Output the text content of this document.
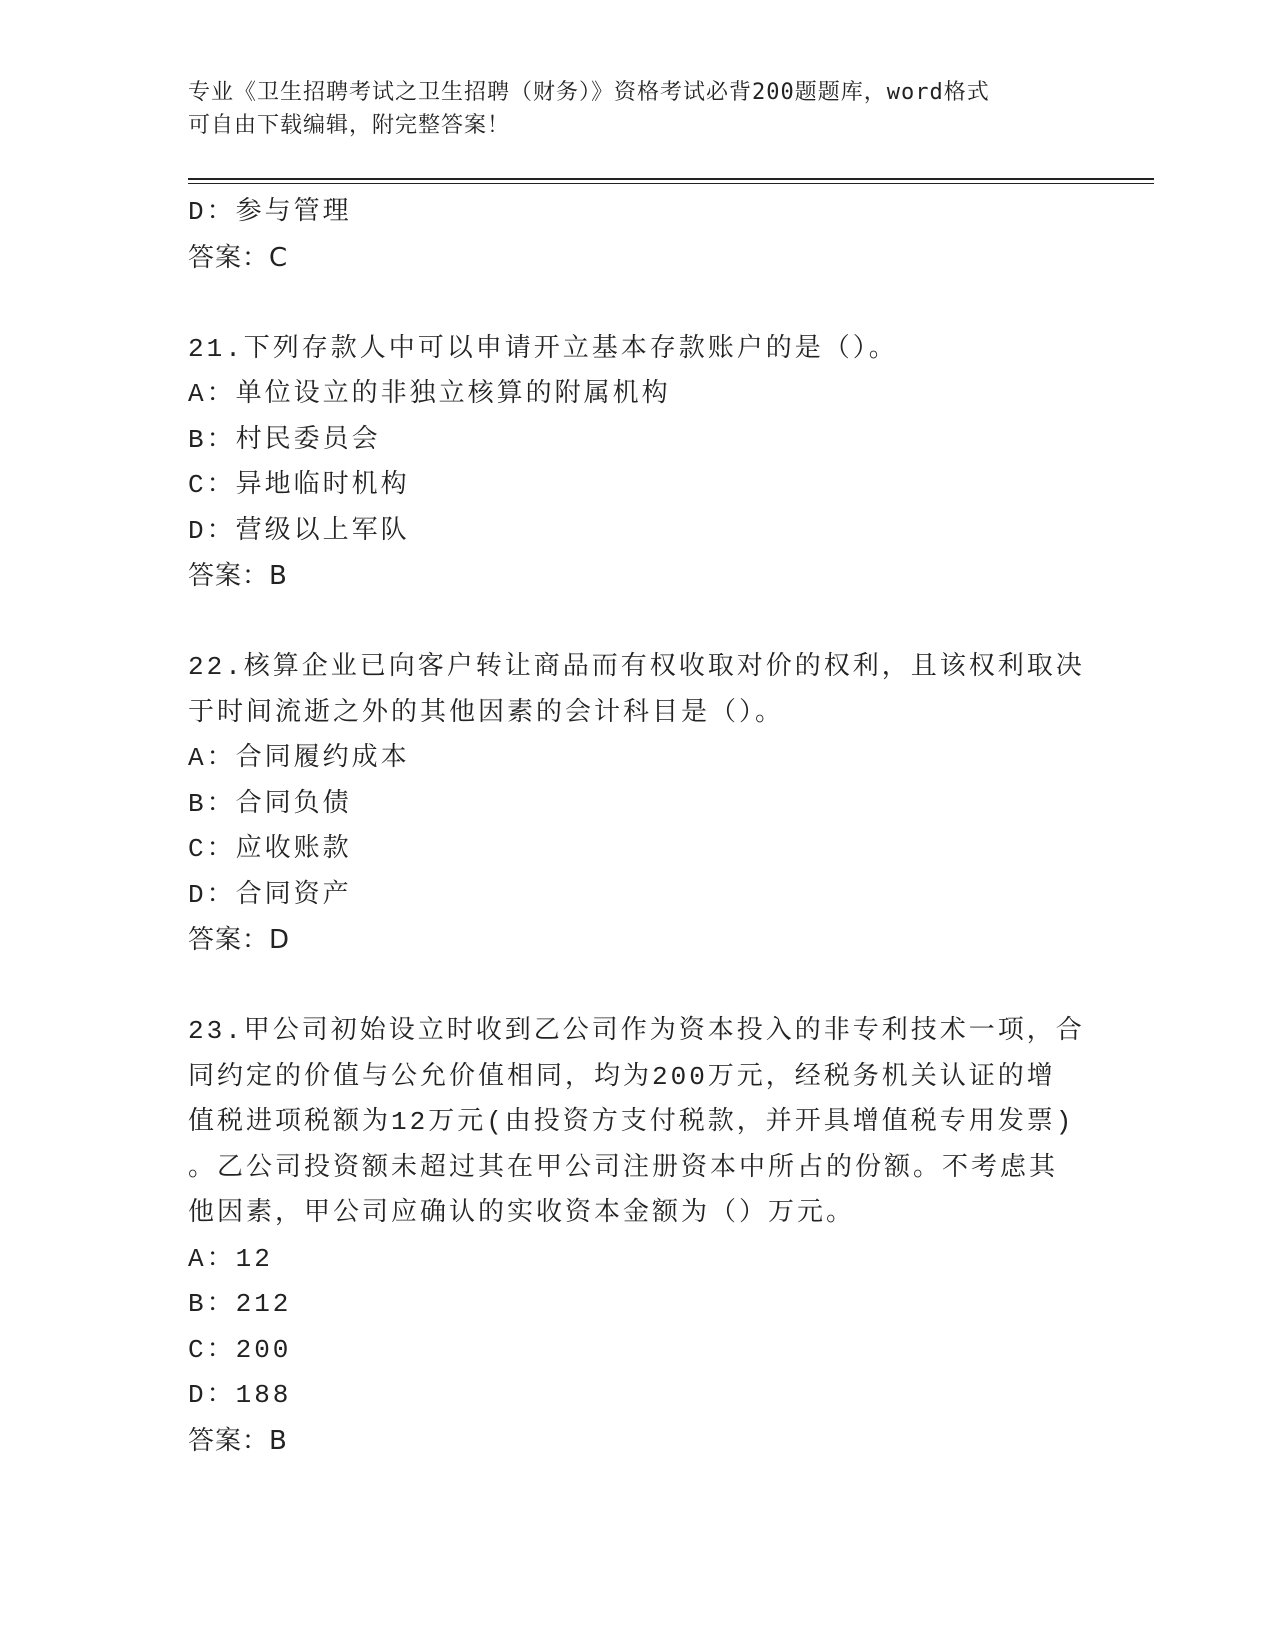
专业《卫生招聘考试之卫生招聘（财务）》资格考试必背200题题库，word格式
可自由下载编辑，附完整答案！
D：参与管理
答案：C
21.下列存款人中可以申请开立基本存款账户的是（）。
A：单位设立的非独立核算的附属机构
B：村民委员会
C：异地临时机构
D：营级以上军队
答案：B
22.核算企业已向客户转让商品而有权收取对价的权利，且该权利取决
于时间流逝之外的其他因素的会计科目是（）。
A：合同履约成本
B：合同负债
C：应收账款
D：合同资产
答案：D
23.甲公司初始设立时收到乙公司作为资本投入的非专利技术一项，合
同约定的价值与公允价值相同，均为200万元，经税务机关认证的增
值税进项税额为12万元(由投资方支付税款，并开具增值税专用发票)
。乙公司投资额未超过其在甲公司注册资本中所占的份额。不考虑其
他因素，甲公司应确认的实收资本金额为（）万元。
A：12
B：212
C：200
D：188
答案：B
